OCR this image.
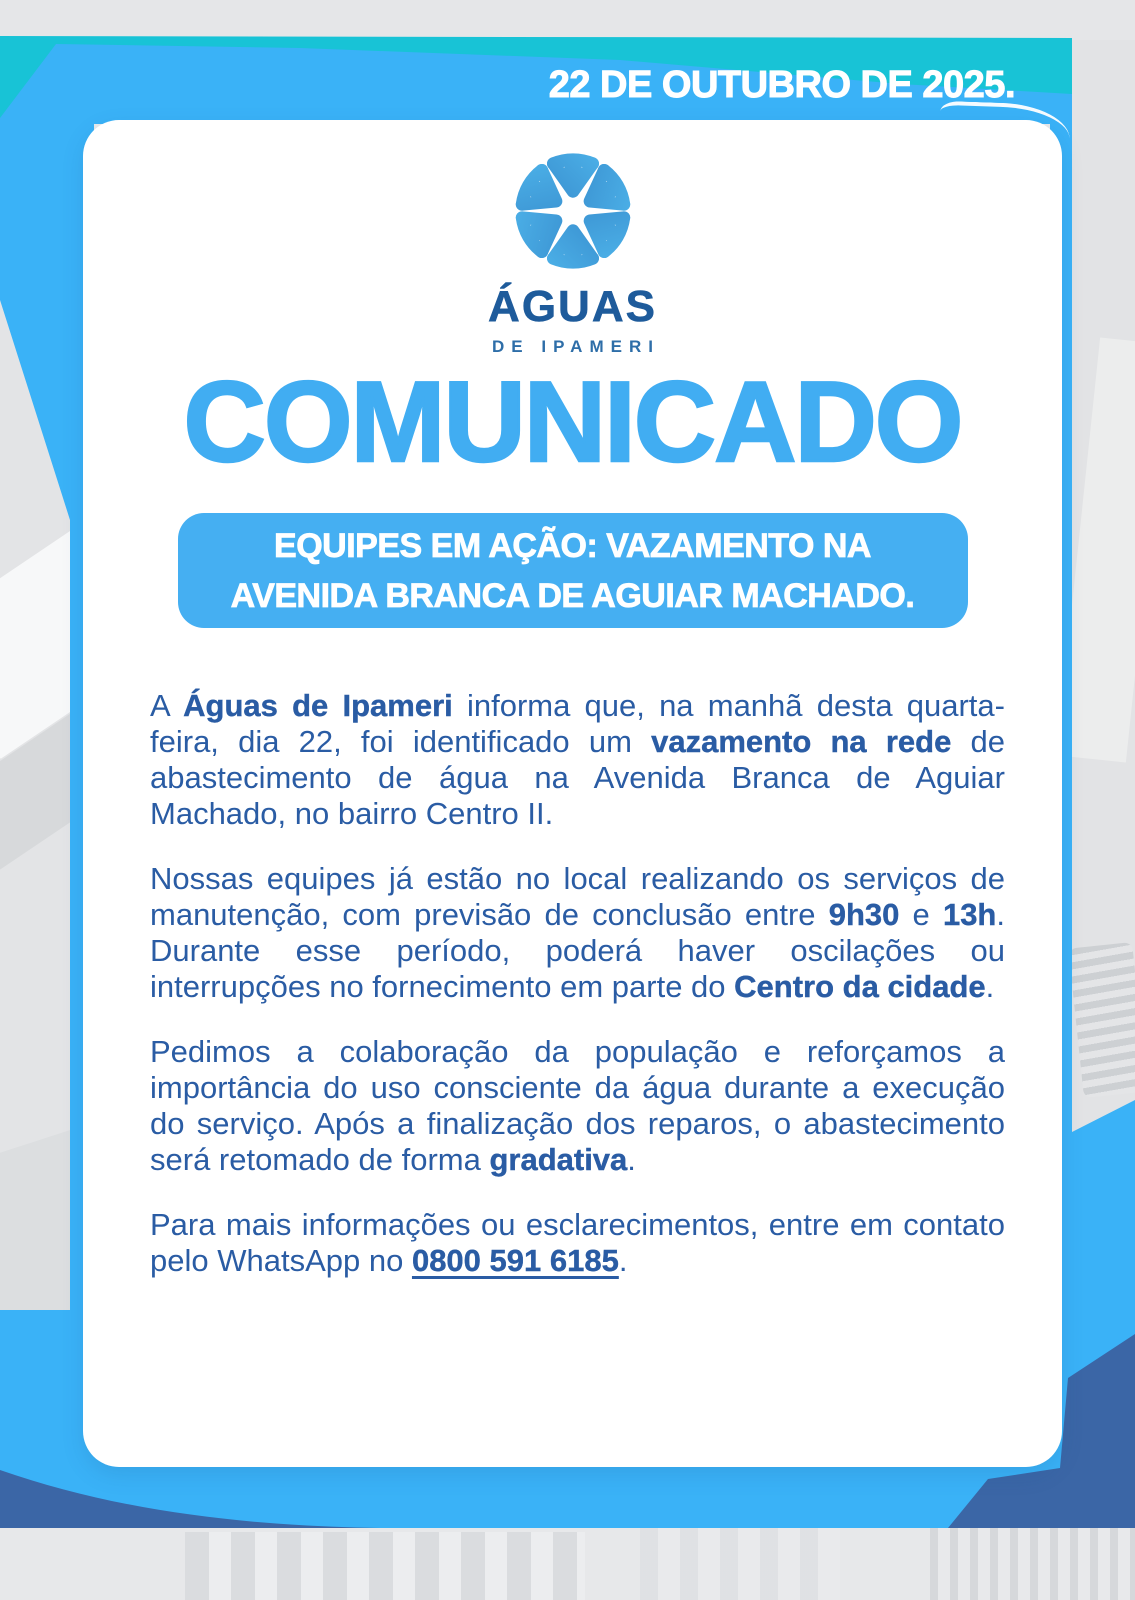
ÁGUAS
DE IPAMERI
COMUNICADO
EQUIPES EM AÇÃO: VAZAMENTO NA
AVENIDA BRANCA DE AGUIAR MACHADO.

A Águas de Ipameri informa que, na manhã desta quarta-feira, dia 22, foi identificado um vazamento na rede de abastecimento de água na Avenida Branca de Aguiar Machado, no bairro Centro II.

Nossas equipes já estão no local realizando os serviços de manutenção, com previsão de conclusão entre 9h30 e 13h. Durante esse período, poderá haver oscilações ou interrupções no fornecimento em parte do Centro da cidade.

Pedimos a colaboração da população e reforçamos a importância do uso consciente da água durante a execução do serviço. Após a finalização dos reparos, o abastecimento será retomado de forma gradativa.

Para mais informações ou esclarecimentos, entre em contato pelo WhatsApp no 0800 591 6185.

22 DE OUTUBRO DE 2025.
